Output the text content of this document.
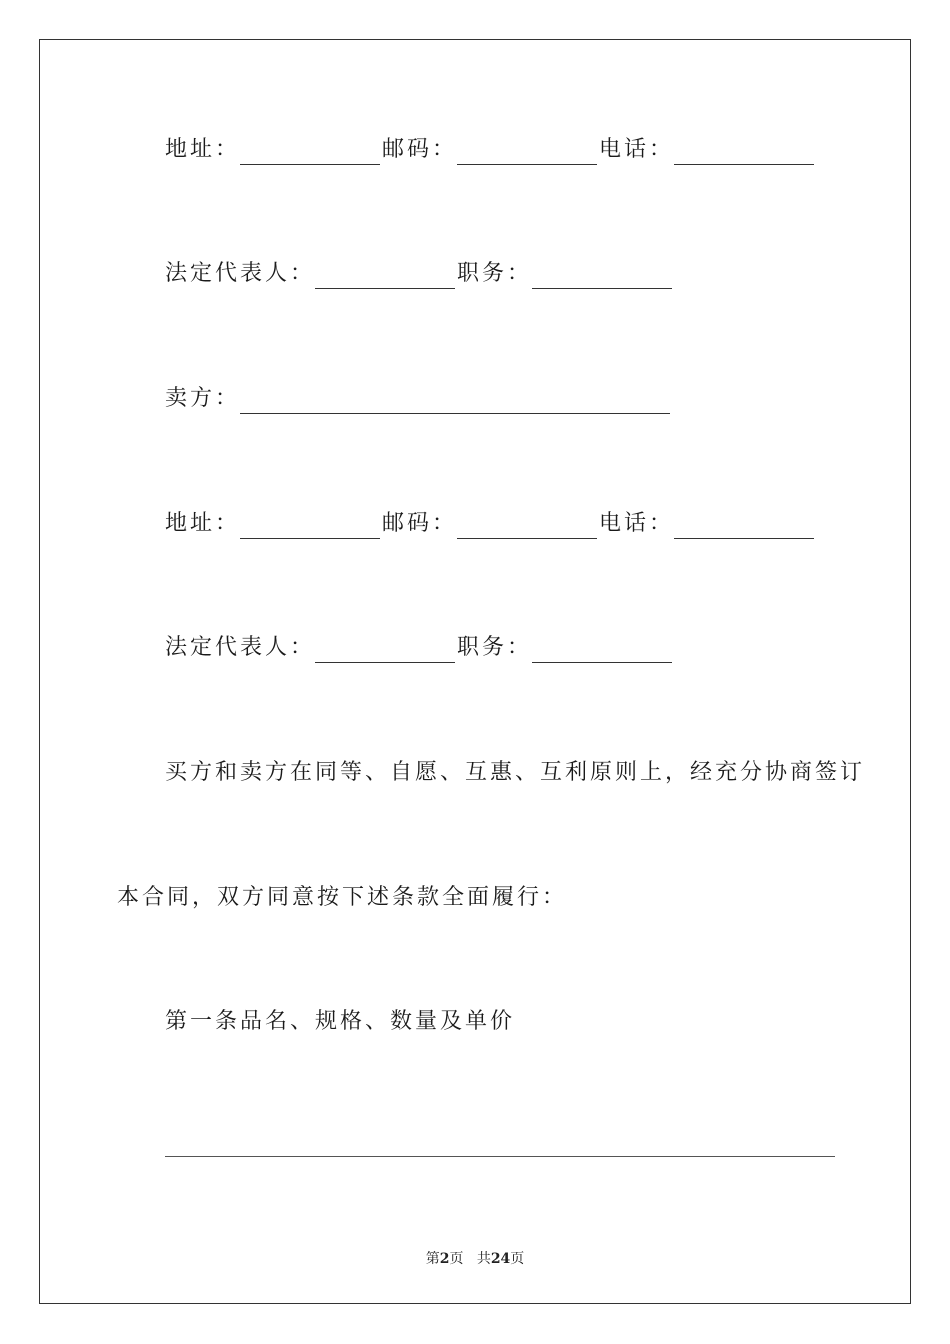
地址：	邮码：	电话：
法定代表人：	职务：
卖方：
地址：	邮码：	电话：
法定代表人：	职务：
买方和卖方在同等、自愿、互惠、互利原则上，经充分协商签订
本合同，双方同意按下述条款全面履行：
第一条品名、规格、数量及单价
第2页 共24页
